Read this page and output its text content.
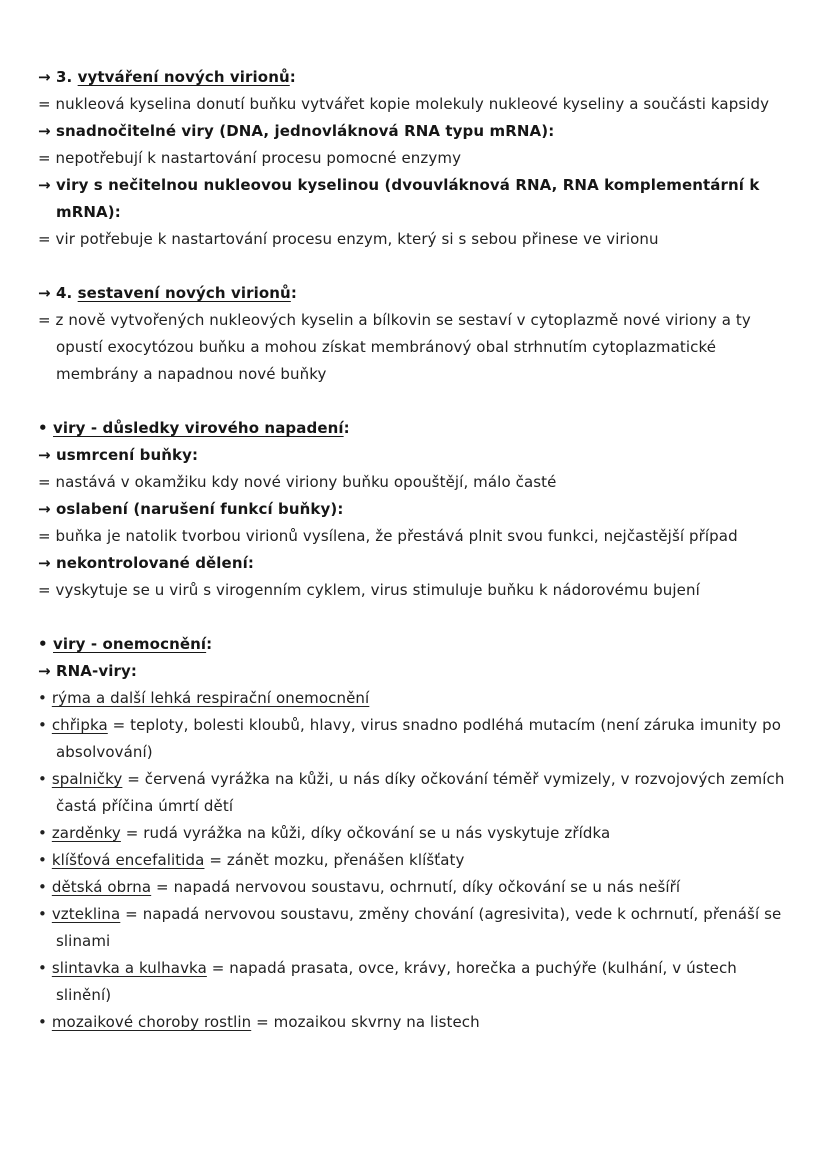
→ 3. vytváření nových virionů:
= nukleová kyselina donutí buňku vytvářet kopie molekuly nukleové kyseliny a součásti kapsidy
→ snadnočitelné viry (DNA, jednovláknová RNA typu mRNA):
= nepotřebují k nastartování procesu pomocné enzymy
→ viry s nečitelnou nukleovou kyselinou (dvouvláknová RNA, RNA komplementární k mRNA):
= vir potřebuje k nastartování procesu enzym, který si s sebou přinese ve virionu
→ 4. sestavení nových virionů:
= z nově vytvořených nukleových kyselin a bílkovin se sestaví v cytoplazmě nové viriony a ty opustí exocytózou buňku a mohou získat membránový obal strhnutím cytoplazmatické membrány a napadnou nové buňky
• viry - důsledky virového napadení:
→ usmrcení buňky:
= nastává v okamžiku kdy nové viriony buňku opouštějí, málo časté
→ oslabení (narušení funkcí buňky):
= buňka je natolik tvorbou virionů vysílena, že přestává plnit svou funkci, nejčastější případ
→ nekontrolované dělení:
= vyskytuje se u virů s virogenním cyklem, virus stimuluje buňku k nádorovému bujení
• viry - onemocnění:
→ RNA-viry:
• rýma a další lehká respirační onemocnění
• chřipka = teploty, bolesti kloubů, hlavy, virus snadno podléhá mutacím (není záruka imunity po absolvování)
• spalničky = červená vyrážka na kůži, u nás díky očkování téměř vymizely, v rozvojových zemích častá příčina úmrtí dětí
• zarděnky = rudá vyrážka na kůži, díky očkování se u nás vyskytuje zřídka
• klíšťová encefalitida = zánět mozku, přenášen klíšťaty
• dětská obrna = napadá nervovou soustavu, ochrnutí, díky očkování se u nás nešíří
• vzteklina = napadá nervovou soustavu, změny chování (agresivita), vede k ochrnutí, přenáší se slinami
• slintavka a kulhavka = napadá prasata, ovce, krávy, horečka a puchýře (kulhání, v ústech slinění)
• mozaikové choroby rostlin = mozaikou skvrny na listech
